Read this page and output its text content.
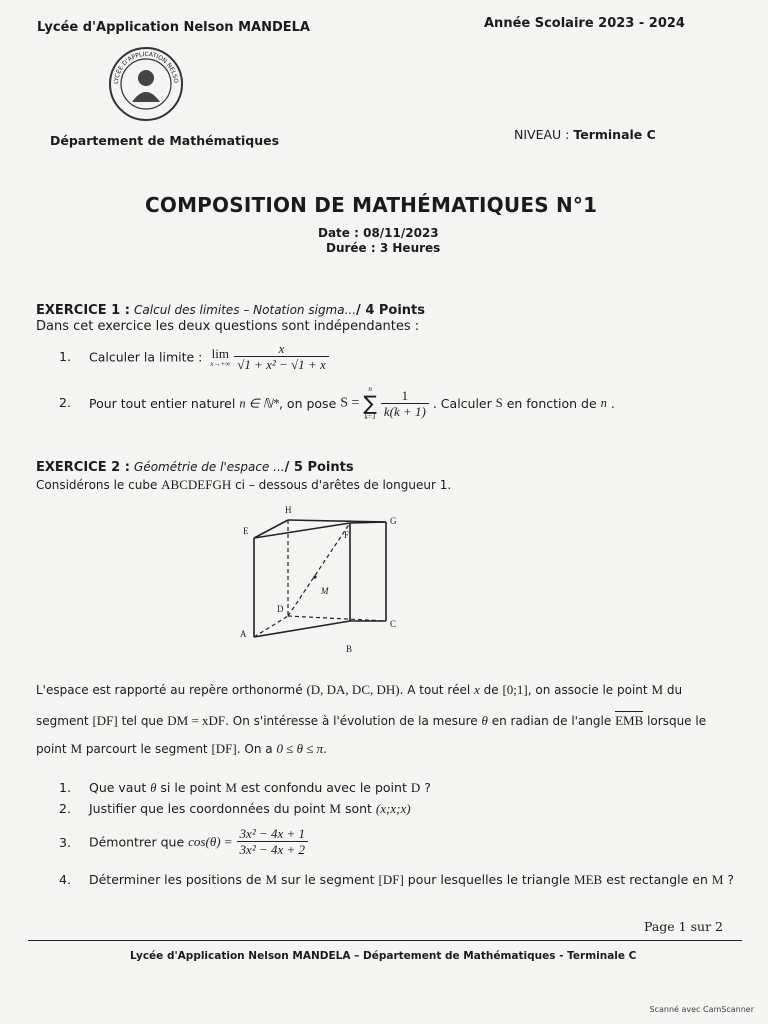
Lycée d'Application Nelson MANDELA	Année Scolaire 2023 - 2024
LYCÉE D'APPLICATION NELSO
Département de Mathématiques	NIVEAU : Terminale C
COMPOSITION DE MATHÉMATIQUES N°1
Date : 08/11/2023
Durée : 3 Heures
EXERCICE 1 : Calcul des limites – Notation sigma.../ 4 Points
Dans cet exercice les deux questions sont indépendantes :
1. Calculer la limite : lim
x→+∞
$\frac{x}{\text{√1 + x² − √1 + x}}$
2. Pour tout entier naturel n ∈ ℕ*, on pose S =
n
∑
k=1
$\frac{1}{k(k + 1)}$ . Calculer S en fonction de n .
EXERCICE 2 : Géométrie de l'espace .../ 5 Points
Considérons le cube ABCDEFGH ci – dessous d'arêtes de longueur 1.
A
B
C
D
E	F
G
H
M
L'espace est rapporté au repère orthonormé (D, DA, DC, DH). A tout réel x de [0;1], on associe le point M du
segment [DF] tel que DM = xDF. On s'intéresse à l'évolution de la mesure θ en radian de l'angle EMB lorsque le
point M parcourt le segment [DF]. On a 0 ≤ θ ≤ π.
1. Que vaut θ si le point M est confondu avec le point D ?
2. Justifier que les coordonnées du point M sont (x;x;x)
3. Démontrer que $\cos(\theta) = \frac{\text{3x² − 4x + 1}}{\text{3x² − 4x + 2}}$
4. Déterminer les positions de M sur le segment [DF] pour lesquelles le triangle MEB est rectangle en M ?
Page 1 sur 2
Lycée d'Application Nelson MANDELA – Département de Mathématiques - Terminale C
Scanné avec CamScanner
